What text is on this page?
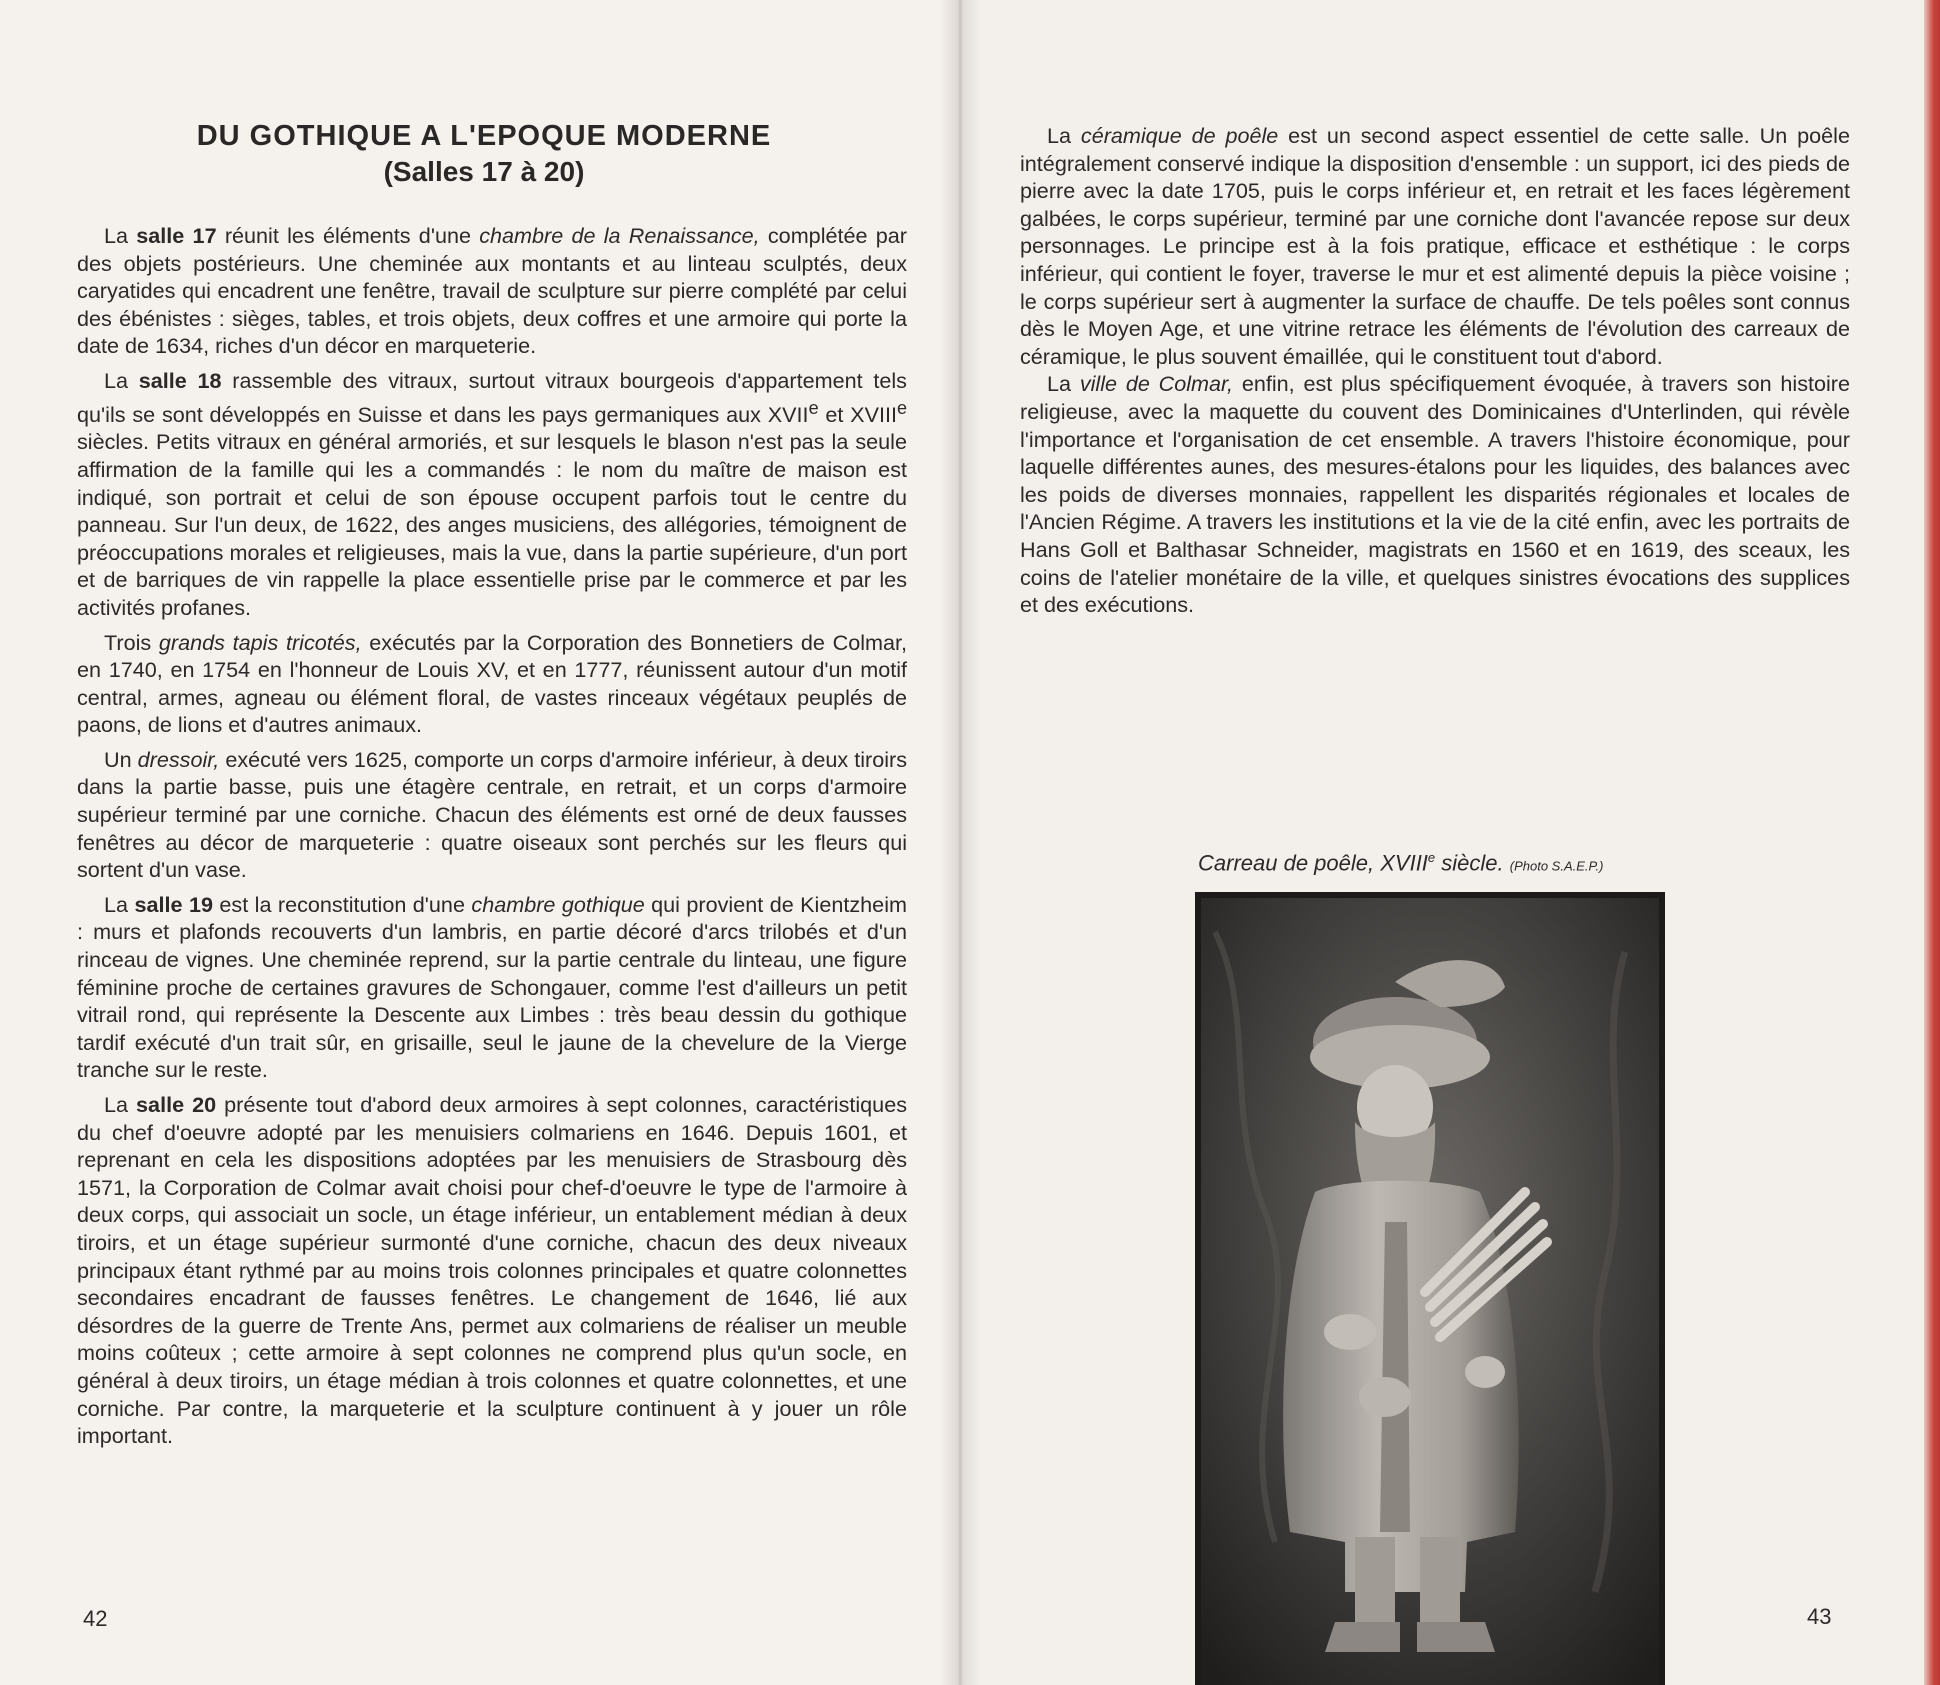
DU GOTHIQUE A L'EPOQUE MODERNE
(Salles 17 à 20)

La salle 17 réunit les éléments d'une chambre de la Renaissance, complétée par des objets postérieurs. Une cheminée aux montants et au linteau sculptés, deux caryatides qui encadrent une fenêtre, travail de sculpture sur pierre complété par celui des ébénistes : sièges, tables, et trois objets, deux coffres et une armoire qui porte la date de 1634, riches d'un décor en marqueterie.

La salle 18 rassemble des vitraux, surtout vitraux bourgeois d'appartement tels qu'ils se sont développés en Suisse et dans les pays germaniques aux XVIIe et XVIIIe siècles. Petits vitraux en général armoriés, et sur lesquels le blason n'est pas la seule affirmation de la famille qui les a commandés : le nom du maître de maison est indiqué, son portrait et celui de son épouse occupent parfois tout le centre du panneau. Sur l'un deux, de 1622, des anges musiciens, des allégories, témoignent de préoccupations morales et religieuses, mais la vue, dans la partie supérieure, d'un port et de barriques de vin rappelle la place essentielle prise par le commerce et par les activités profanes.

Trois grands tapis tricotés, exécutés par la Corporation des Bonnetiers de Colmar, en 1740, en 1754 en l'honneur de Louis XV, et en 1777, réunissent autour d'un motif central, armes, agneau ou élément floral, de vastes rinceaux végétaux peuplés de paons, de lions et d'autres animaux.

Un dressoir, exécuté vers 1625, comporte un corps d'armoire inférieur, à deux tiroirs dans la partie basse, puis une étagère centrale, en retrait, et un corps d'armoire supérieur terminé par une corniche. Chacun des éléments est orné de deux fausses fenêtres au décor de marqueterie : quatre oiseaux sont perchés sur les fleurs qui sortent d'un vase.

La salle 19 est la reconstitution d'une chambre gothique qui provient de Kientzheim : murs et plafonds recouverts d'un lambris, en partie décoré d'arcs trilobés et d'un rinceau de vignes. Une cheminée reprend, sur la partie centrale du linteau, une figure féminine proche de certaines gravures de Schongauer, comme l'est d'ailleurs un petit vitrail rond, qui représente la Descente aux Limbes : très beau dessin du gothique tardif exécuté d'un trait sûr, en grisaille, seul le jaune de la chevelure de la Vierge tranche sur le reste.

La salle 20 présente tout d'abord deux armoires à sept colonnes, caractéristiques du chef d'oeuvre adopté par les menuisiers colmariens en 1646. Depuis 1601, et reprenant en cela les dispositions adoptées par les menuisiers de Strasbourg dès 1571, la Corporation de Colmar avait choisi pour chef-d'oeuvre le type de l'armoire à deux corps, qui associait un socle, un étage inférieur, un entablement médian à deux tiroirs, et un étage supérieur surmonté d'une corniche, chacun des deux niveaux principaux étant rythmé par au moins trois colonnes principales et quatre colonnettes secondaires encadrant de fausses fenêtres. Le changement de 1646, lié aux désordres de la guerre de Trente Ans, permet aux colmariens de réaliser un meuble moins coûteux ; cette armoire à sept colonnes ne comprend plus qu'un socle, en général à deux tiroirs, un étage médian à trois colonnes et quatre colonnettes, et une corniche. Par contre, la marqueterie et la sculpture continuent à y jouer un rôle important.

42

La céramique de poêle est un second aspect essentiel de cette salle. Un poêle intégralement conservé indique la disposition d'ensemble : un support, ici des pieds de pierre avec la date 1705, puis le corps inférieur et, en retrait et les faces légèrement galbées, le corps supérieur, terminé par une corniche dont l'avancée repose sur deux personnages. Le principe est à la fois pratique, efficace et esthétique : le corps inférieur, qui contient le foyer, traverse le mur et est alimenté depuis la pièce voisine ; le corps supérieur sert à augmenter la surface de chauffe. De tels poêles sont connus dès le Moyen Age, et une vitrine retrace les éléments de l'évolution des carreaux de céramique, le plus souvent émaillée, qui le constituent tout d'abord.

La ville de Colmar, enfin, est plus spécifiquement évoquée, à travers son histoire religieuse, avec la maquette du couvent des Dominicaines d'Unterlinden, qui révèle l'importance et l'organisation de cet ensemble. A travers l'histoire économique, pour laquelle différentes aunes, des mesures-étalons pour les liquides, des balances avec les poids de diverses monnaies, rappellent les disparités régionales et locales de l'Ancien Régime. A travers les institutions et la vie de la cité enfin, avec les portraits de Hans Goll et Balthasar Schneider, magistrats en 1560 et en 1619, des sceaux, les coins de l'atelier monétaire de la ville, et quelques sinistres évocations des supplices et des exécutions.

Carreau de poêle, XVIIIe siècle. (Photo S.A.E.P.)
43
